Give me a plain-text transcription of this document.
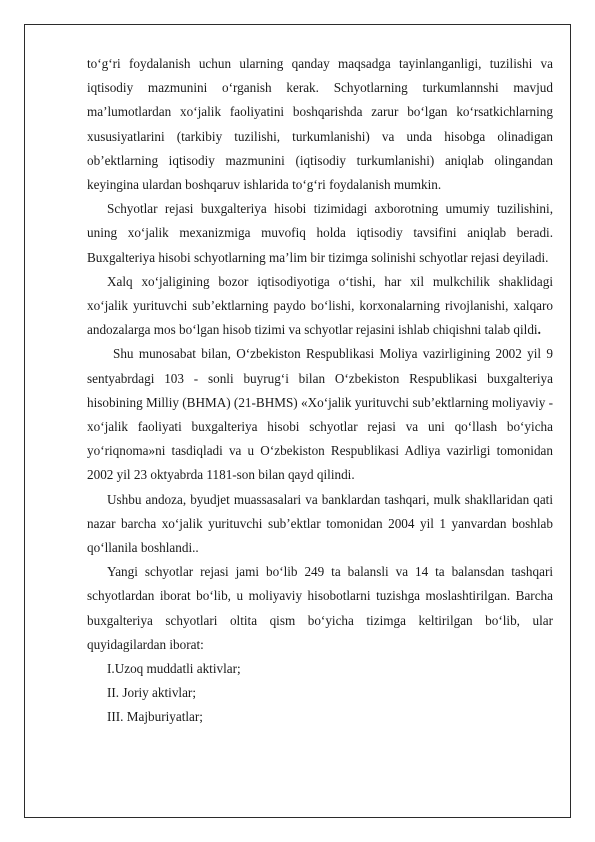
to‘g‘ri foydalanish uchun ularning qanday maqsadga tayinlanganligi, tuzilishi va iqtisodiy mazmunini o‘rganish kerak. Schyotlarning turkumlannshi mavjud ma’lumotlardan xo‘jalik faoliyatini boshqarishda zarur bo‘lgan ko‘rsatkichlarning xususiyatlarini (tarkibiy tuzilishi, turkumlanishi) va unda hisobga olinadigan ob’ektlarning iqtisodiy mazmunini (iqtisodiy turkumlanishi) aniqlab olingandan keyingina ulardan boshqaruv ishlarida to‘g‘ri foydalanish mumkin.

Schyotlar rejasi buxgalteriya hisobi tizimidagi axborotning umumiy tuzilishini, uning xo‘jalik mexanizmiga muvofiq holda iqtisodiy tavsifini aniqlab beradi. Buxgalteriya hisobi schyotlarning ma’lim bir tizimga solinishi schyotlar rejasi deyiladi.

Xalq xo‘jaligining bozor iqtisodiyotiga o‘tishi, har xil mulkchilik shaklidagi xo‘jalik yurituvchi sub’ektlarning paydo bo‘lishi, korxonalarning rivojlanishi, xalqaro andozalarga mos bo‘lgan hisob tizimi va schyotlar rejasini ishlab chiqishni talab qildi.

Shu munosabat bilan, O‘zbekiston Respublikasi Moliya vazirligining 2002 yil 9 sentyabrdagi 103 - sonli buyrug‘i bilan O‘zbekiston Respublikasi buxgalteriya hisobining Milliy (BHMA) (21-BHMS) «Xo‘jalik yurituvchi sub’ektlarning moliyaviy - xo‘jalik faoliyati buxgalteriya hisobi schyotlar rejasi va uni qo‘llash bo‘yicha yo‘riqnoma»ni tasdiqladi va u O‘zbekiston Respublikasi Adliya vazirligi tomonidan 2002 yil 23 oktyabrda 1181-son bilan qayd qilindi.

Ushbu andoza, byudjet muassasalari va banklardan tashqari, mulk shakllaridan qati nazar barcha xo‘jalik yurituvchi sub’ektlar tomonidan 2004 yil 1 yanvardan boshlab qo‘llanila boshlandi..

Yangi schyotlar rejasi jami bo‘lib 249 ta balansli va 14 ta balansdan tashqari schyotlardan iborat bo‘lib, u moliyaviy hisobotlarni tuzishga moslashtirilgan. Barcha buxgalteriya schyotlari oltita qism bo‘yicha tizimga keltirilgan bo‘lib, ular quyidagilardan iborat:

I.Uzoq muddatli aktivlar;

II. Joriy aktivlar;

III. Majburiyatlar;
